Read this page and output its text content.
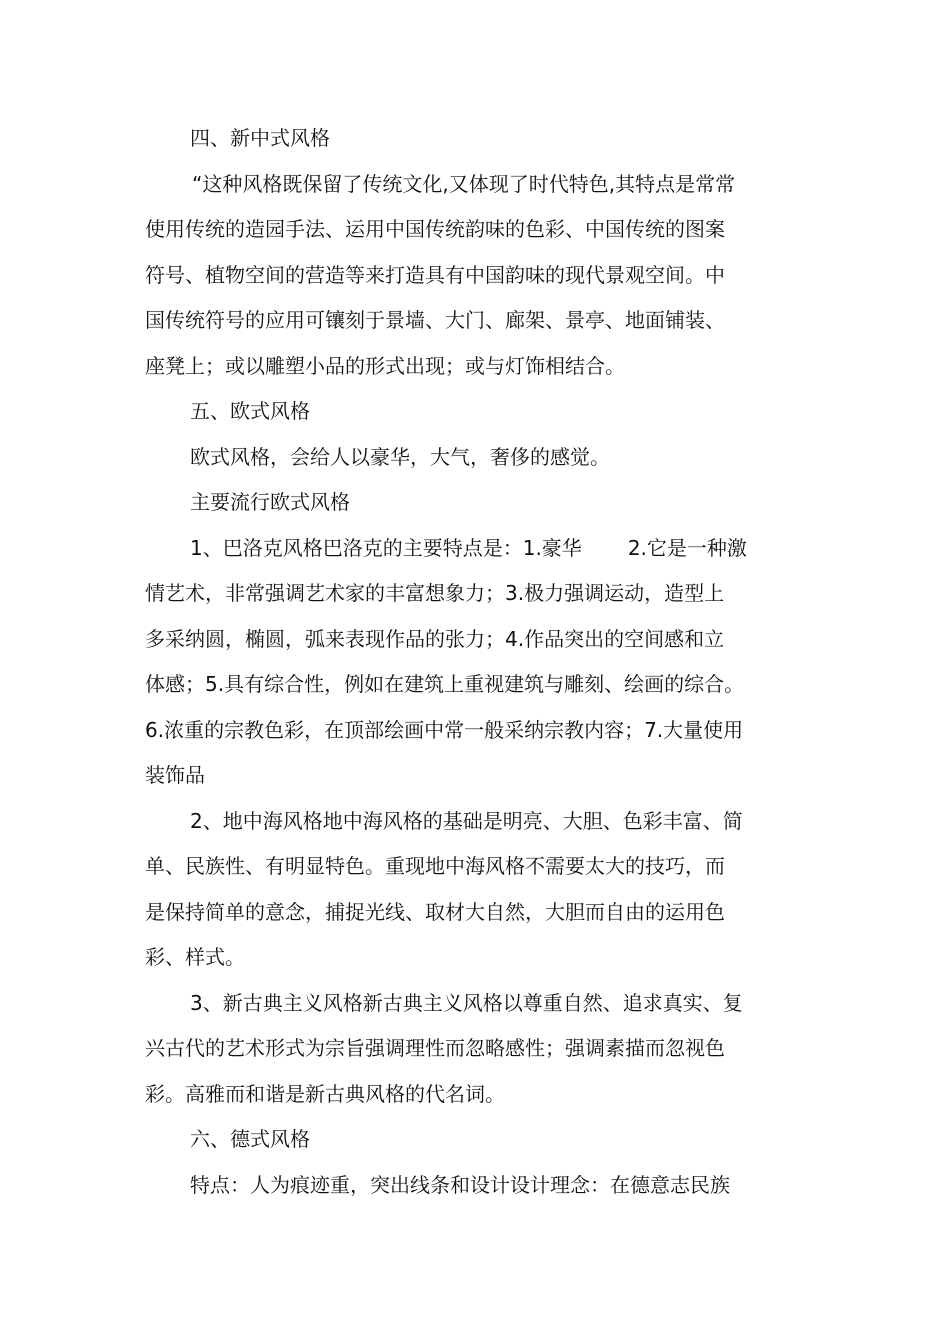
四、新中式风格

“这种风格既保留了传统文化,又体现了时代特色,其特点是常常
使用传统的造园手法、运用中国传统韵味的色彩、中国传统的图案
符号、植物空间的营造等来打造具有中国韵味的现代景观空间。中
国传统符号的应用可镶刻于景墙、大门、廊架、景亭、地面铺装、
座凳上；或以雕塑小品的形式出现；或与灯饰相结合。

五、欧式风格

欧式风格，会给人以豪华，大气，奢侈的感觉。

主要流行欧式风格

1、巴洛克风格巴洛克的主要特点是：1.豪华 2.它是一种激
情艺术，非常强调艺术家的丰富想象力；3.极力强调运动，造型上
多采纳圆，椭圆，弧来表现作品的张力；4.作品突出的空间感和立
体感；5.具有综合性，例如在建筑上重视建筑与雕刻、绘画的综合。
6.浓重的宗教色彩，在顶部绘画中常一般采纳宗教内容；7.大量使用
装饰品

2、地中海风格地中海风格的基础是明亮、大胆、色彩丰富、简
单、民族性、有明显特色。重现地中海风格不需要太大的技巧，而
是保持简单的意念，捕捉光线、取材大自然，大胆而自由的运用色
彩、样式。

3、新古典主义风格新古典主义风格以尊重自然、追求真实、复
兴古代的艺术形式为宗旨强调理性而忽略感性；强调素描而忽视色
彩。高雅而和谐是新古典风格的代名词。

六、德式风格

特点：人为痕迹重，突出线条和设计设计理念：在德意志民族
